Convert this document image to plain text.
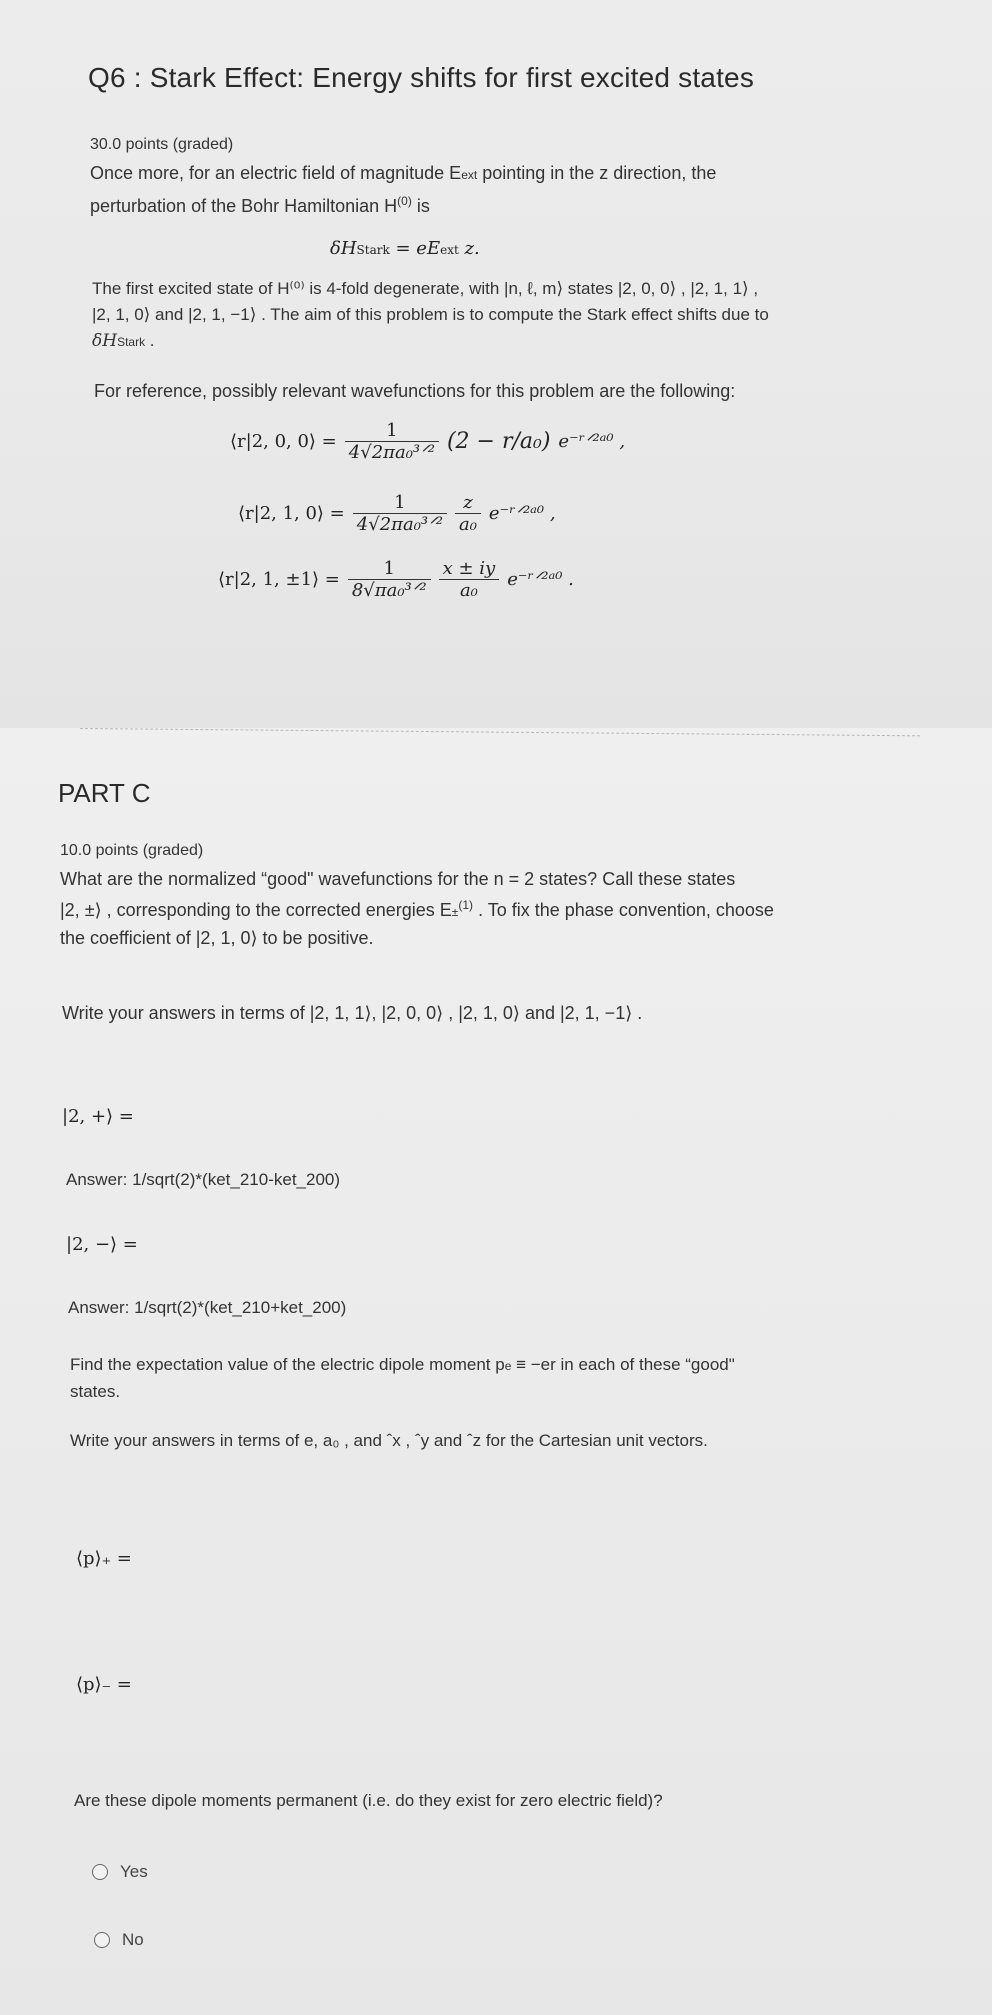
Q6 : Stark Effect: Energy shifts for first excited states
30.0 points (graded)
Once more, for an electric field of magnitude Eext pointing in the z direction, the
perturbation of the Bohr Hamiltonian $H^{(0)}$ is
δHStark = eEext z.
The first excited state of H⁽⁰⁾ is 4-fold degenerate, with |n, ℓ, m⟩ states |2, 0, 0⟩ , |2, 1, 1⟩ ,
|2, 1, 0⟩ and |2, 1, −1⟩ . The aim of this problem is to compute the Stark effect shifts due to
δHStark .
For reference, possibly relevant wavefunctions for this problem are the following:
⟨r|2, 0, 0⟩ = $\frac{1}{\text{4√2πa₀³ᐟ²}} (2 - r/a_0)$ e⁻ʳᐟ²ᵃ⁰ ,
⟨r|2, 1, 0⟩ = $\frac{1}{\text{4√2πa₀³ᐟ²}} \frac{z}{\text{a₀}}$ e⁻ʳᐟ²ᵃ⁰ ,
⟨r|2, 1, ±1⟩ = $\frac{1}{\text{8√πa₀³ᐟ²}} \frac{x \pm iy}{\text{a₀}}$ e⁻ʳᐟ²ᵃ⁰ .
PART C
10.0 points (graded)
What are the normalized “good" wavefunctions for the n = 2 states? Call these states
|2, ±⟩ , corresponding to the corrected energies E±$^{(1)}$ . To fix the phase convention, choose
the coefficient of |2, 1, 0⟩ to be positive.
Write your answers in terms of |2, 1, 1⟩, |2, 0, 0⟩ , |2, 1, 0⟩ and |2, 1, −1⟩ .
|2, +⟩ =
Answer: 1/sqrt(2)*(ket_210-ket_200)
|2, −⟩ =
Answer: 1/sqrt(2)*(ket_210+ket_200)
Find the expectation value of the electric dipole moment pe ≡ −er in each of these “good"
states.
Write your answers in terms of e, a₀ , and ˆx , ˆy and ˆz for the Cartesian unit vectors.
⟨p⟩₊ =
⟨p⟩₋ =
Are these dipole moments permanent (i.e. do they exist for zero electric field)?
Yes
No
